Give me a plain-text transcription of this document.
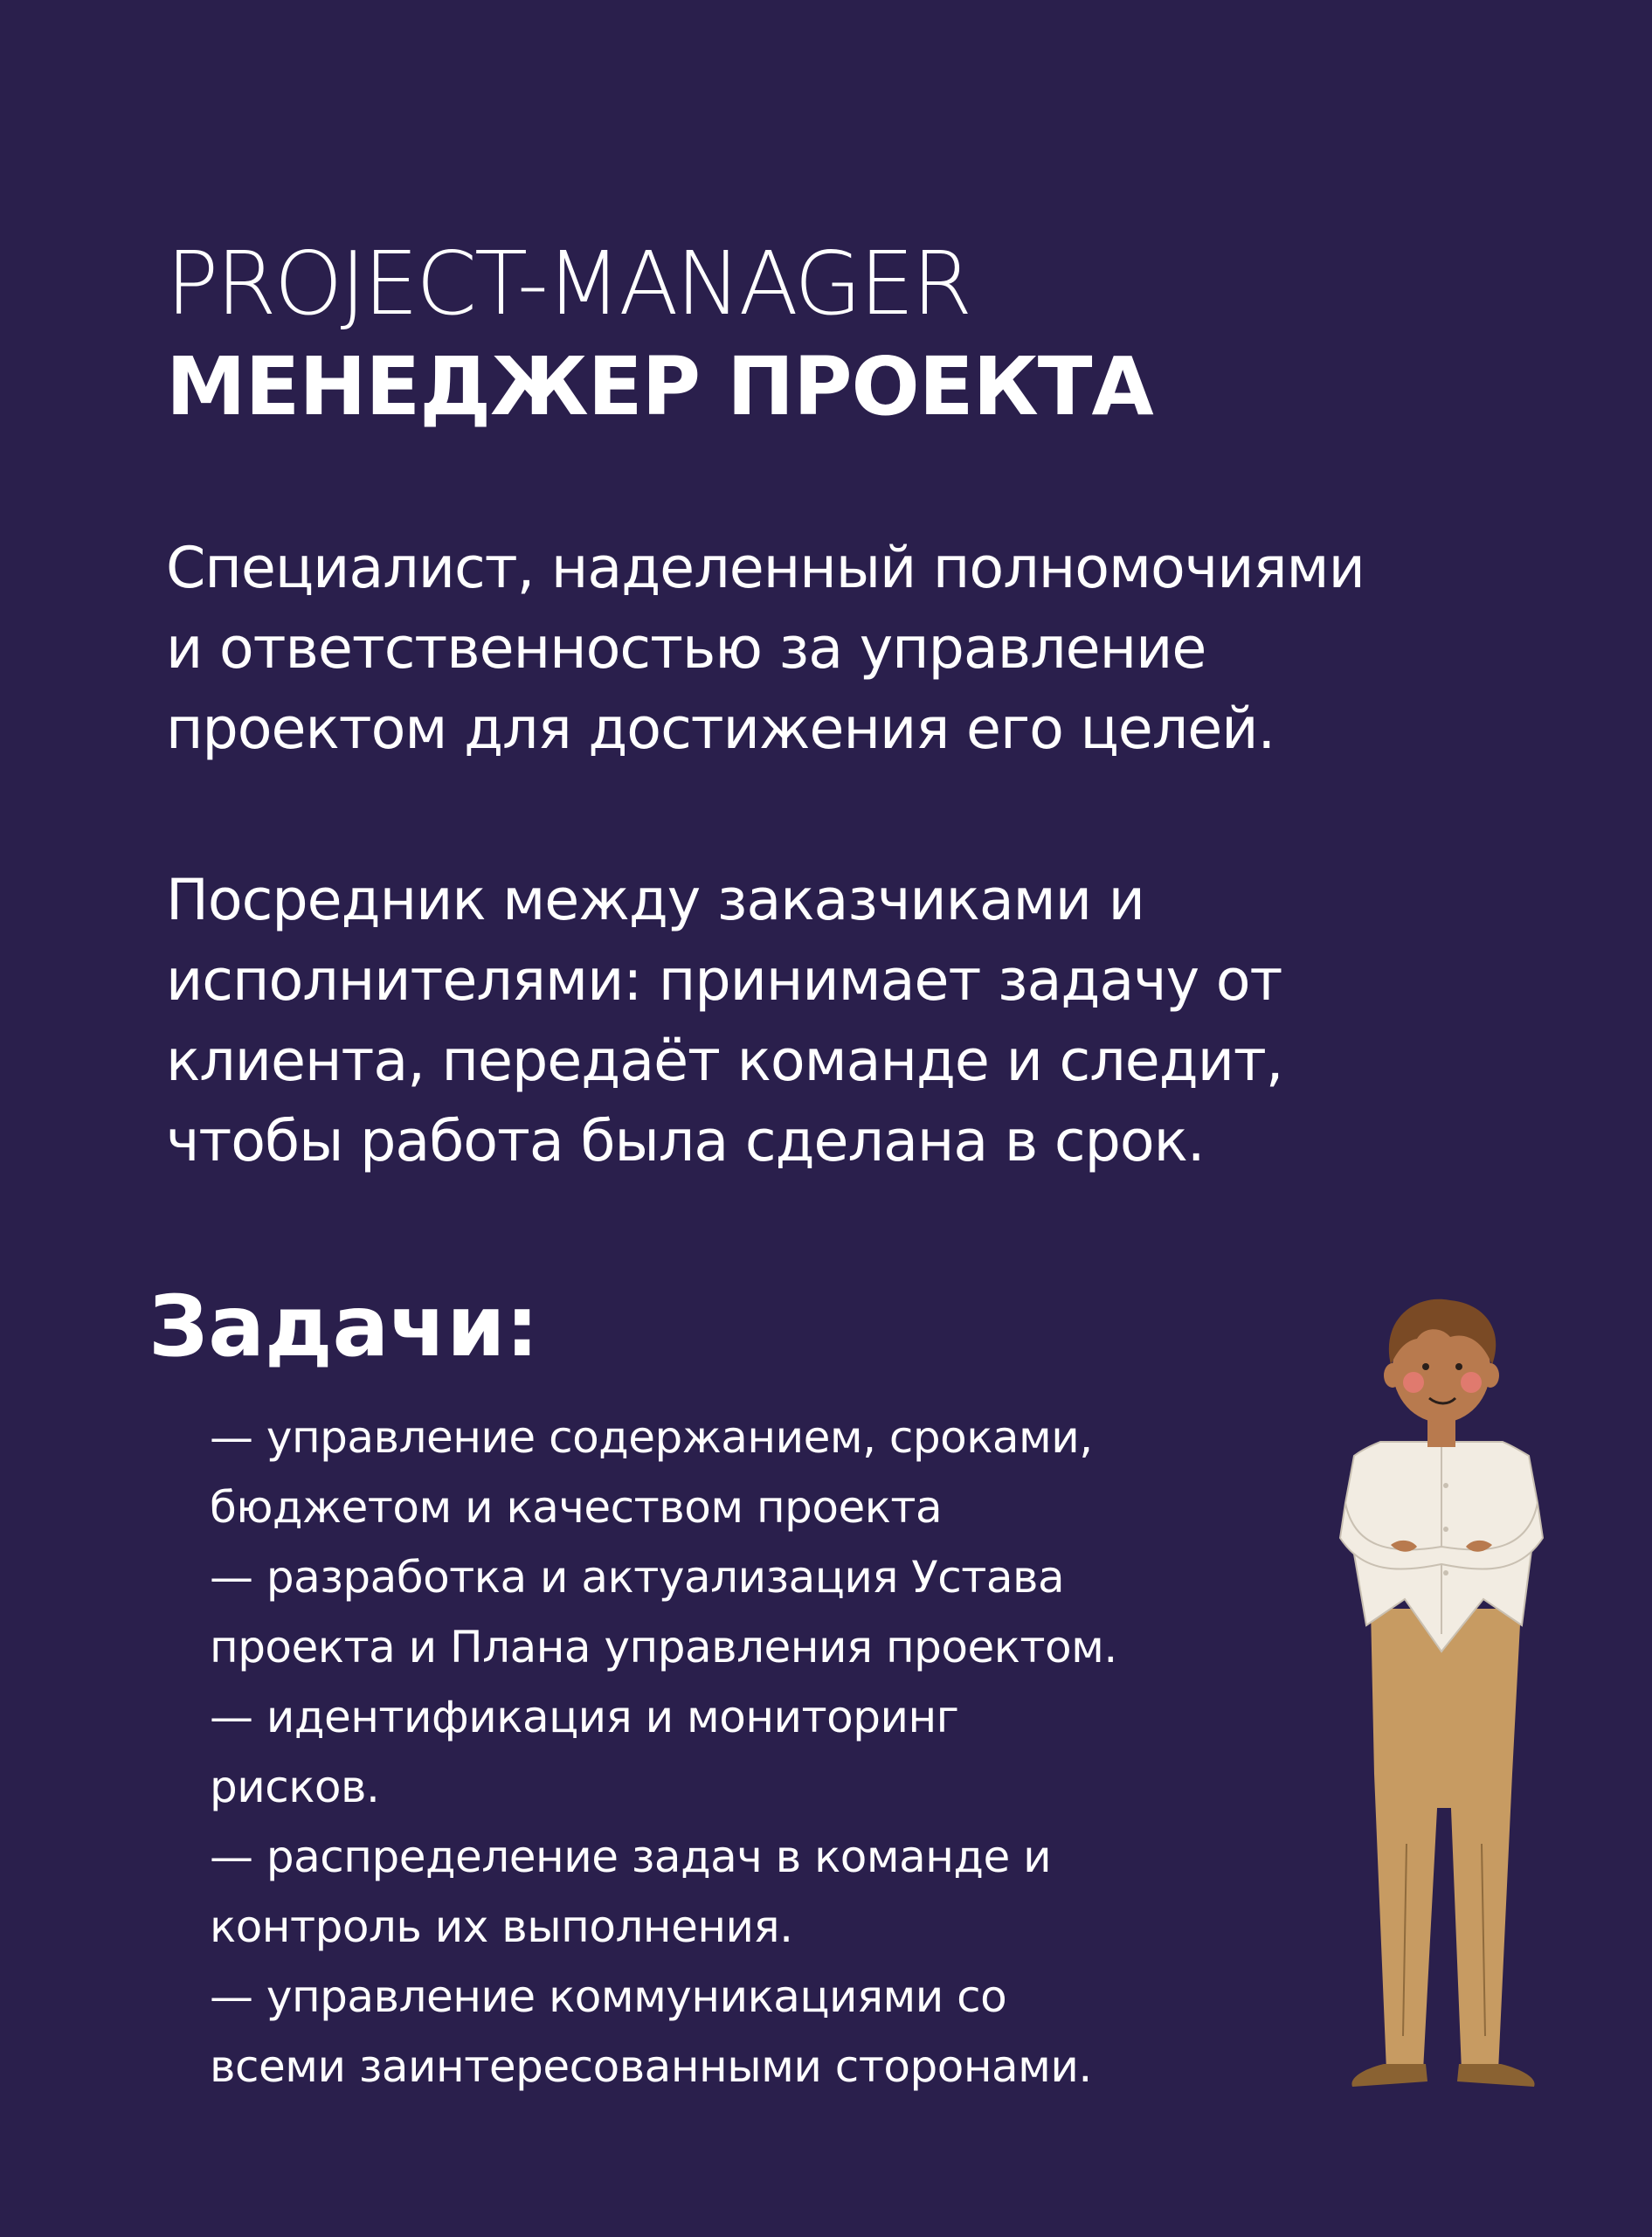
PROJECT-MANAGER
МЕНЕДЖЕР ПРОЕКТА

Специалист, наделенный полномочиями
и ответственностью за управление
проектом для достижения его целей.

Посредник между заказчиками и
исполнителями: принимает задачу от
клиента, передаёт команде и следит,
чтобы работа была сделана в срок.

Задачи:
— управление содержанием, сроками,
бюджетом и качеством проекта
— разработка и актуализация Устава
проекта и Плана управления проектом.
— идентификация и мониторинг
рисков.
— распределение задач в команде и
контроль их выполнения.
— управление коммуникациями со
всеми заинтересованными сторонами.
